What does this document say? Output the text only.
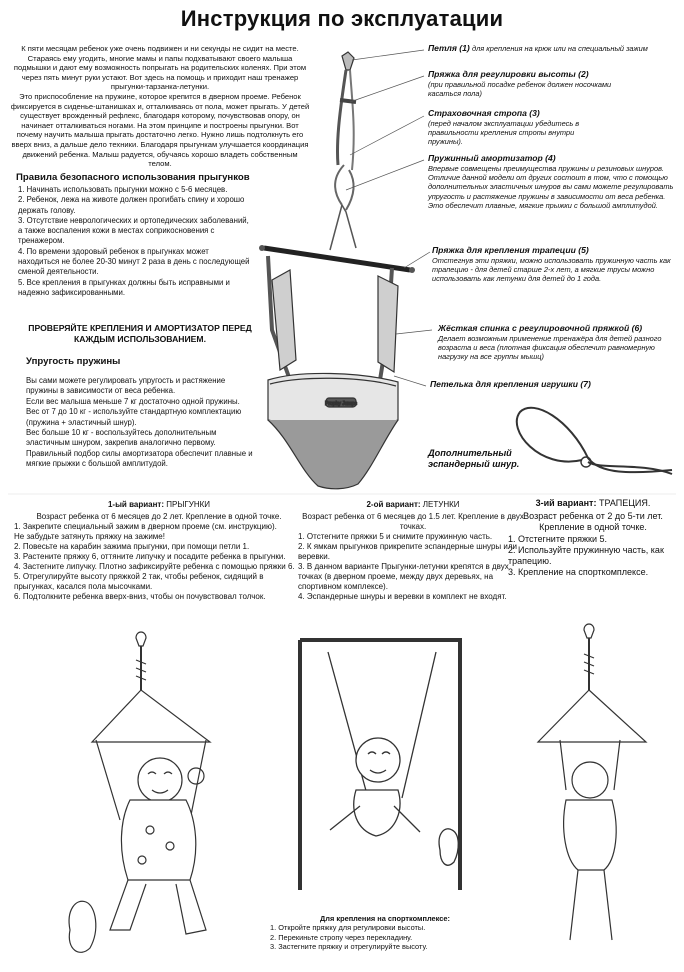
Prophy Jumps
Инструкция по эксплуатации

К пяти месяцам ребенок уже очень подвижен и ни секунды не сидит на месте. Стараясь ему угодить, многие мамы и папы подхватывают своего малыша подмышки и дают ему возможность попрыгать на родительских коленях. При этом через пять минут руки устают. Вот здесь на помощь и приходит наш тренажер прыгунки-тарзанка-летунки.

Это приспособление на пружине, которое крепится в дверном проеме. Ребенок фиксируется в сиденье-штанишках и, отталкиваясь от пола, может прыгать. У детей существует врожденный рефлекс, благодаря которому, почувствовав опору, он начинает отталкиваться ногами. На этом принципе и построены прыгунки. Вот почему научить малыша прыгать достаточно легко. Нужно лишь подтолкнуть его вверх вниз, а дальше дело техники. Благодаря прыгункам улучшается координация движений ребенка. Малыш радуется, обучаясь хорошо владеть собственным телом.

Правила безопасного использования прыгунков
1. Начинать использовать прыгунки можно с 5-6 месяцев.
2. Ребенок, лежа на животе должен прогибать спину и хорошо держать голову.
3. Отсутствие неврологических и ортопедических заболеваний, а также воспаления кожи в местах соприкосновения с тренажером.
4. По времени здоровый ребенок в прыгунках может находиться не более 20-30 минут 2 раза в день с последующей сменой деятельности.
5. Все крепления в прыгунках должны быть исправными и надежно зафиксированными.
ПРОВЕРЯЙТЕ КРЕПЛЕНИЯ И АМОРТИЗАТОР ПЕРЕД КАЖДЫМ ИСПОЛЬЗОВАНИЕМ.
Упругость пружины

Вы сами можете регулировать упругость и растяжение пружины в зависимости от веса ребенка.

Если вес малыша меньше 7 кг достаточно одной пружины.

Вес от 7 до 10 кг - используйте стандартную комплектацию (пружина + эластичный шнур).

Вес больше 10 кг - воспользуйтесь дополнительным эластичным шнуром, закрепив аналогично первому.

Правильный подбор силы амортизатора обеспечит плавные и мягкие прыжки с большой амплитудой.

Петля (1) для крепления на крюк или на специальный зажим
Пряжка для регулировки высоты (2)
(при правильной посадке ребенок должен носочками касаться пола)
Страховочная стропа (3)
(перед началом эксплуатации убедитесь в правильности крепления стропы внутри пружины).
Пружинный амортизатор (4)
Впервые совмещены преимущества пружины и резиновых шнуров. Отличие данной модели от других состоит в том, что с помощью дополнительных эластичных шнуров вы сами можете регулировать упругость и растяжение пружины в зависимости от веса ребенка. Это обеспечит плавные, мягкие прыжки с большой амплитудой.
Пряжка для крепления трапеции (5)
Отстегнув эти пряжки, можно использовать пружинную часть как трапецию - для детей старше 2-х лет, а мягкие трусы можно использовать как летунки для детей до 1 года.
Жёсткая спинка с регулировочной пряжкой (6)
Делает возможным применение тренажёра для детей разного возраста и веса (плотная фиксация обеспечит равномерную нагрузку на все группы мышц)
Петелька для крепления игрушки (7)
Дополнительный эспандерный шнур.
1-ый вариант: ПРЫГУНКИ
Возраст ребенка от 6 месяцев до 2 лет. Крепление в одной точке.
1. Закрепите специальный зажим в дверном проеме (см. инструкцию).
Не забудьте затянуть пряжку на зажиме!
2. Повесьте на карабин зажима прыгунки, при помощи петли 1.
3. Растените пряжку 6, оттяните липучку и посадите ребенка в прыгунки.
4. Застегните липучку. Плотно зафиксируйте ребенка с помощью пряжки 6.
5. Отрегулируйте высоту пряжкой 2 так, чтобы ребенок, сидящий в прыгунках, касался пола мысочками.
6. Подтолкните ребенка вверх-вниз, чтобы он почувствовал толчок.
2-ой вариант: ЛЕТУНКИ
Возраст ребенка от 6 месяцев до 1.5 лет. Крепление в двух точках.
1. Отстегните пряжки 5 и снимите пружинную часть.
2. К ямкам прыгунков прикрепите эспандерные шнуры или веревки.
3. В данном варианте Прыгунки-летунки крепятся в двух точках (в дверном проеме, между двух деревьях, на спортивном комплексе).
4. Эспандерные шнуры и веревки в комплект не входят.
3-ий вариант: ТРАПЕЦИЯ.
Возраст ребенка от 2 до 5-ти лет. Крепление в одной точке.
1. Отстегните пряжки 5.
2. Используйте пружинную часть, как трапецию.
3. Крепление на спорткомплексе.
Для крепления на спорткомплексе:
1. Откройте пряжку для регулировки высоты.
2. Перекиньте стропу через перекладину.
3. Застегните пряжку и отрегулируйте высоту.
